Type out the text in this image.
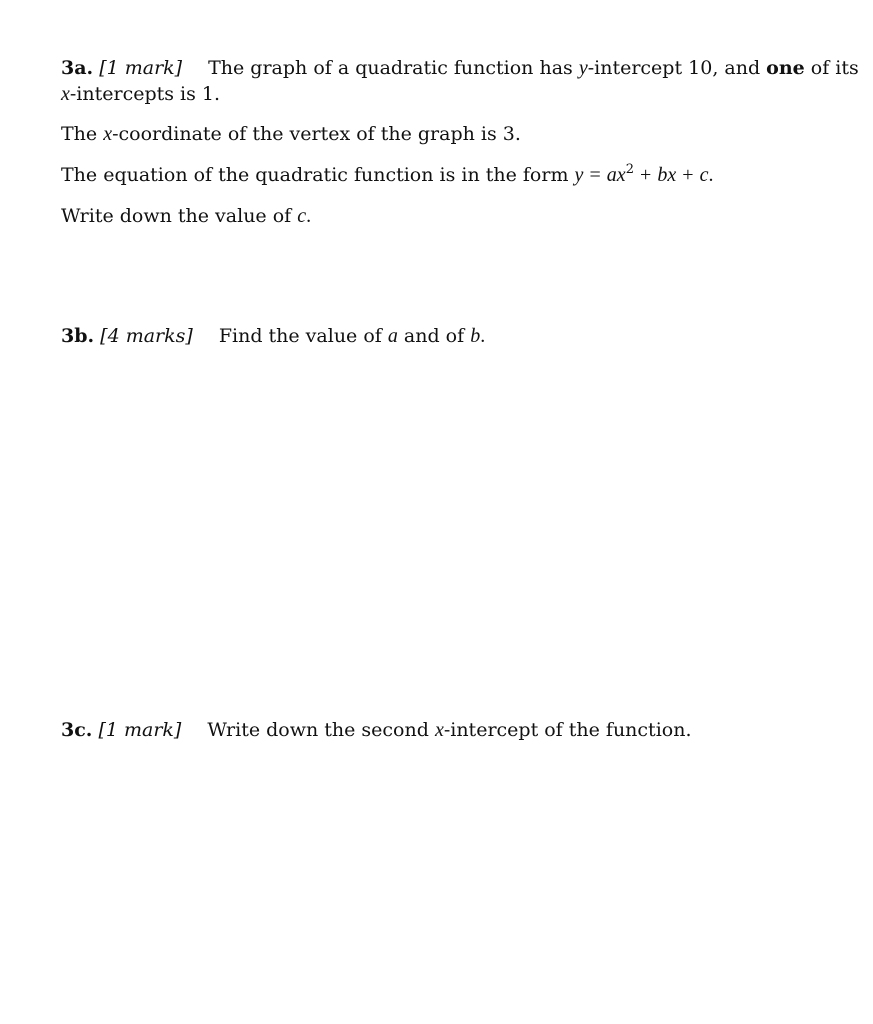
3a. [1 mark] The graph of a quadratic function has y-intercept 10, and one of its
x-intercepts is 1.
The x-coordinate of the vertex of the graph is 3.
The equation of the quadratic function is in the form $y = ax^2$ + bx + c.
Write down the value of c.
3b. [4 marks] Find the value of a and of b.
3c. [1 mark] Write down the second x-intercept of the function.
